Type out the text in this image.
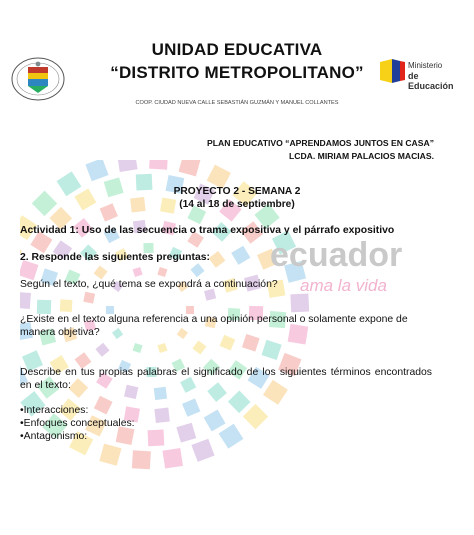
ecuador
ama la vida
UNIDAD EDUCATIVA
“DISTRITO METROPOLITANO”
COOP. CIUDAD NUEVA CALLE SEBASTIÁN GUZMÁN Y MANUEL COLLANTES
Ministerio
de Educación
PLAN EDUCATIVO “APRENDAMOS JUNTOS EN CASA”
LCDA. MIRIAM PALACIOS MACIAS.
PROYECTO 2 - SEMANA 2
(14 al 18 de septiembre)
Actividad 1: Uso de las secuencia o trama expositiva y el párrafo expositivo
2. Responde las siguientes preguntas:
Según el texto, ¿qué tema se expondrá a continuación?
¿Existe en el texto alguna referencia a una opinión personal o solamente expone de manera objetiva?
Describe en tus propias palabras el significado de los siguientes términos encontrados en el texto:
•Interacciones:
•Enfoques conceptuales:
•Antagonismo:
